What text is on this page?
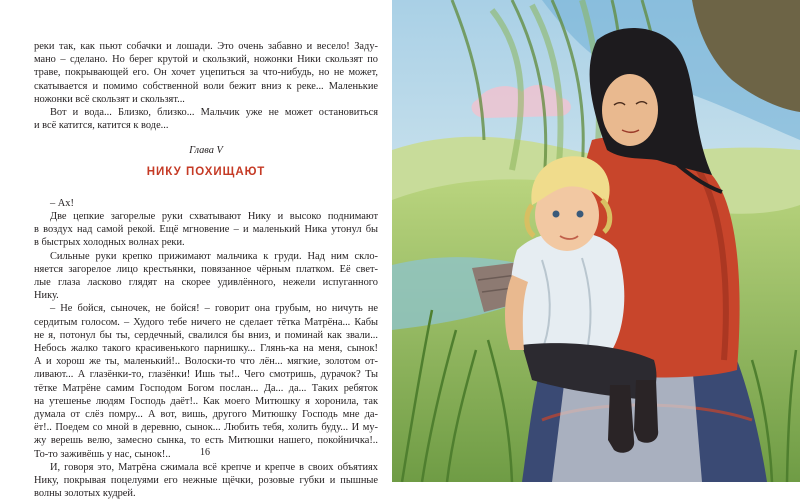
реки так, как пьют собачки и лошади. Это очень забавно и весело! Заду-
мано – сделано. Но берег крутой и скользкий, ножонки Ники скользят по
траве, покрывающей его. Он хочет уцепиться за что-нибудь, но не может,
скатывается и помимо собственной воли бежит вниз к реке... Маленькие
ножонки всё скользят и скользят...
Вот и вода... Близко, близко... Мальчик уже не может остановиться
и всё катится, катится к воде...
Глава V
НИКУ ПОХИЩАЮТ
– Ах!
Две цепкие загорелые руки схватывают Нику и высоко поднимают
в воздух над самой рекой. Ещё мгновение – и маленький Ника утонул бы
в быстрых холодных волнах реки.
Сильные руки крепко прижимают мальчика к груди. Над ним скло-
няется загорелое лицо крестьянки, повязанное чёрным платком. Её свет-
лые глаза ласково глядят на скорее удивлённого, нежели испуганного
Нику.
– Не бойся, сыночек, не бойся! – говорит она грубым, но ничуть не
сердитым голосом. – Худого тебе ничего не сделает тётка Матрёна... Кабы
не я, потонул бы ты, сердечный, свалился бы вниз, и поминай как звали...
Небось жалко такого красивенького парнишку... Глянь-ка на меня, сынок!
А и хорош же ты, маленький!.. Волоски-то что лён... мягкие, золотом от-
ливают... А глазёнки-то, глазёнки! Ишь ты!.. Чего смотришь, дурачок? Ты
тётке Матрёне самим Господом Богом послан... Да... да... Таких ребяток
на утешенье людям Господь даёт!.. Как моего Митюшку я хоронила, так
думала от слёз помру... А вот, вишь, другого Митюшку Господь мне да-
ёт!.. Поедем со мной в деревню, сынок... Любить тебя, холить буду... И му-
жу верешь велю, замесно сынка, то есть Митюшки нашего, покойничка!..
То-то заживёшь у нас, сынок!..
И, говоря это, Матрёна сжимала всё крепче и крепче в своих объятиях
Нику, покрывая поцелуями его нежные щёчки, розовые губки и пышные
волны золотых кудрей.
16
